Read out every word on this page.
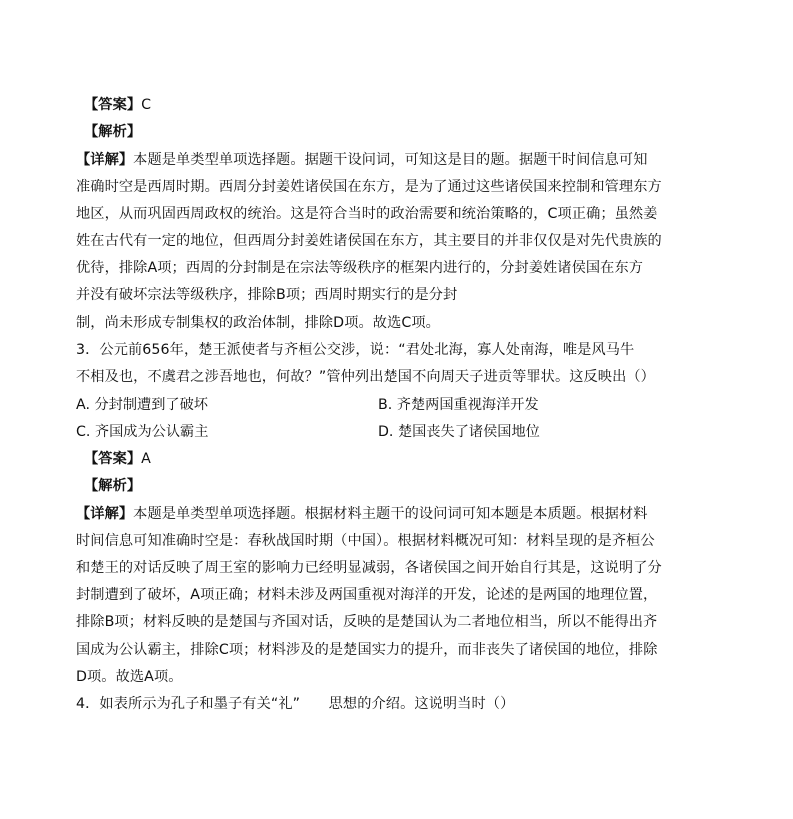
【答案】C
【解析】
【详解】本题是单类型单项选择题。据题干设问词，可知这是目的题。据题干时间信息可知
准确时空是西周时期。西周分封姜姓诸侯国在东方，是为了通过这些诸侯国来控制和管理东方
地区，从而巩固西周政权的统治。这是符合当时的政治需要和统治策略的，C项正确；虽然姜
姓在古代有一定的地位，但西周分封姜姓诸侯国在东方，其主要目的并非仅仅是对先代贵族的
优待，排除A项；西周的分封制是在宗法等级秩序的框架内进行的，分封姜姓诸侯国在东方
并没有破坏宗法等级秩序，排除B项；西周时期实行的是分封
制，尚未形成专制集权的政治体制，排除D项。故选C项。
3．公元前656年，楚王派使者与齐桓公交涉，说：“君处北海，寡人处南海，唯是风马牛
不相及也，不虞君之涉吾地也，何故？”管仲列出楚国不向周天子进贡等罪状。这反映出（）
A. 分封制遭到了破坏	B. 齐楚两国重视海洋开发
C. 齐国成为公认霸主	D. 楚国丧失了诸侯国地位
【答案】A
【解析】
【详解】本题是单类型单项选择题。根据材料主题干的设问词可知本题是本质题。根据材料
时间信息可知准确时空是：春秋战国时期（中国）。根据材料概况可知：材料呈现的是齐桓公
和楚王的对话反映了周王室的影响力已经明显减弱，各诸侯国之间开始自行其是，这说明了分
封制遭到了破坏，A项正确；材料未涉及两国重视对海洋的开发，论述的是两国的地理位置，
排除B项；材料反映的是楚国与齐国对话，反映的是楚国认为二者地位相当，所以不能得出齐
国成为公认霸主，排除C项；材料涉及的是楚国实力的提升，而非丧失了诸侯国的地位，排除
D项。故选A项。
4．如表所示为孔子和墨子有关“礼”　　思想的介绍。这说明当时（）
